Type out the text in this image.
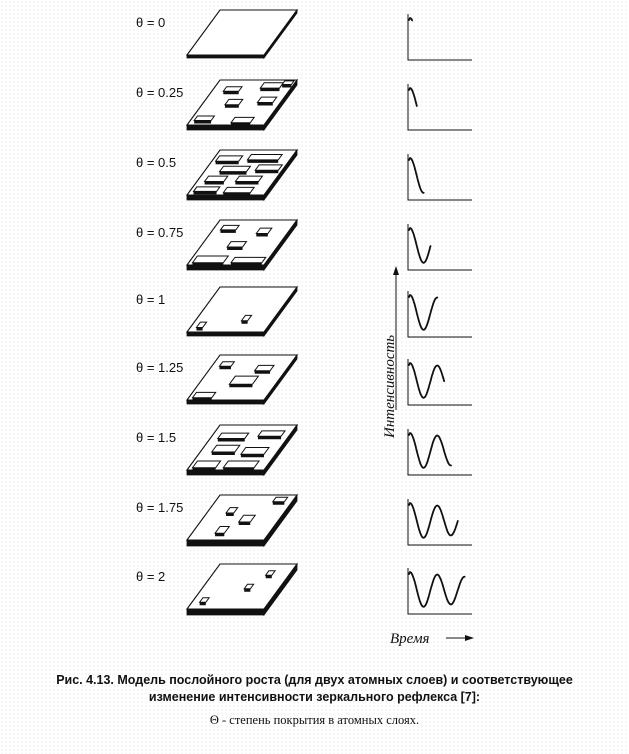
θ = 0
θ = 0.25
θ = 0.5
θ = 0.75
θ = 1
θ = 1.25
θ = 1.5
θ = 1.75
θ = 2
Интенсивность
Время
Рис. 4.13. Модель послойного роста (для двух атомных слоев) и соответствующее
изменение интенсивности зеркального рефлекса [7]:
Θ - степень покрытия в атомных слоях.
